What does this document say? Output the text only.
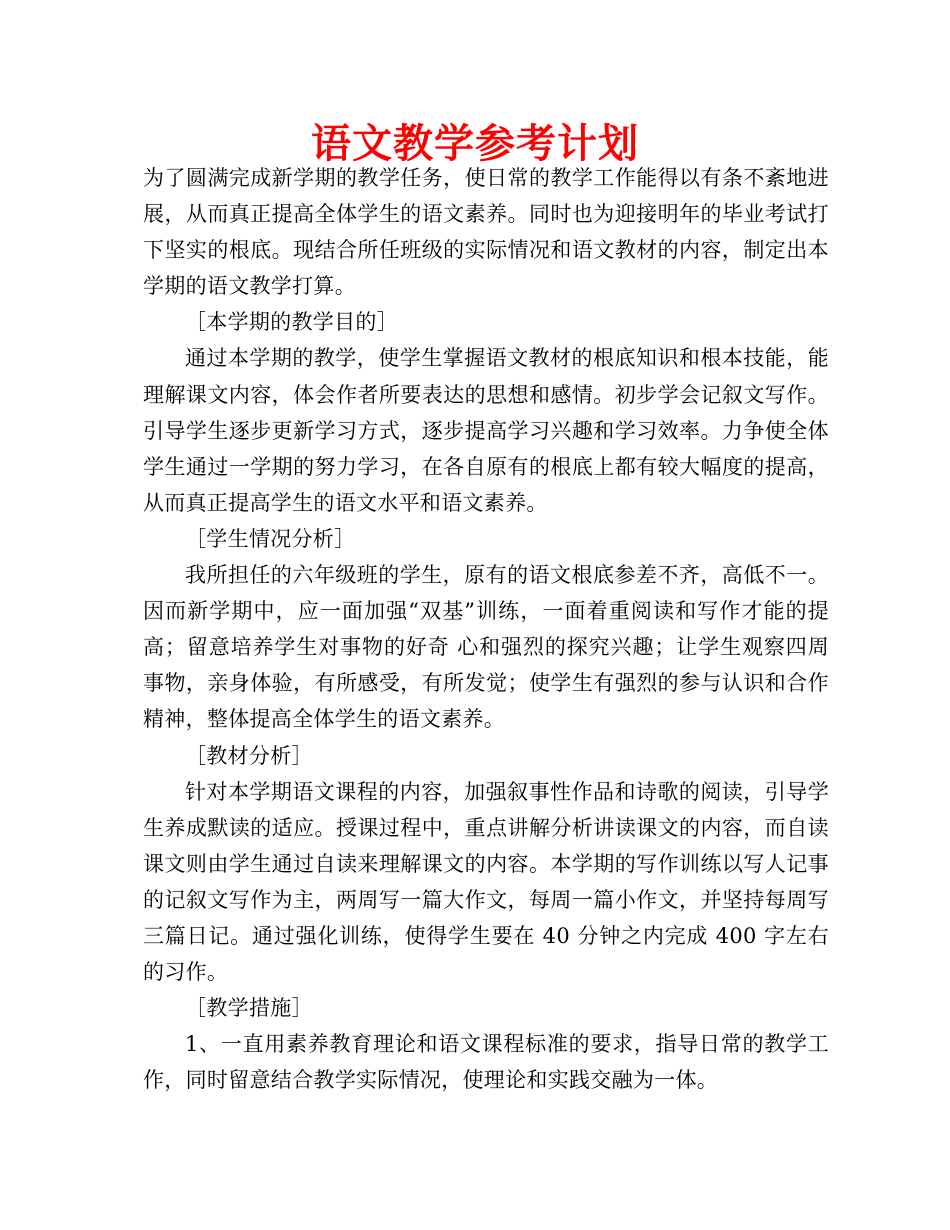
语文教学参考计划

为了圆满完成新学期的教学任务，使日常的教学工作能得以有条不紊地进展，从而真正提高全体学生的语文素养。同时也为迎接明年的毕业考试打下坚实的根底。现结合所任班级的实际情况和语文教材的内容，制定出本学期的语文教学打算。

［本学期的教学目的］

通过本学期的教学，使学生掌握语文教材的根底知识和根本技能，能理解课文内容，体会作者所要表达的思想和感情。初步学会记叙文写作。引导学生逐步更新学习方式，逐步提高学习兴趣和学习效率。力争使全体学生通过一学期的努力学习，在各自原有的根底上都有较大幅度的提高，从而真正提高学生的语文水平和语文素养。

［学生情况分析］

我所担任的六年级班的学生，原有的语文根底参差不齐，高低不一。因而新学期中，应一面加强“双基”训练，一面着重阅读和写作才能的提高；留意培养学生对事物的好奇 心和强烈的探究兴趣；让学生观察四周事物，亲身体验，有所感受，有所发觉；使学生有强烈的参与认识和合作精神，整体提高全体学生的语文素养。

［教材分析］

针对本学期语文课程的内容，加强叙事性作品和诗歌的阅读，引导学生养成默读的适应。授课过程中，重点讲解分析讲读课文的内容，而自读课文则由学生通过自读来理解课文的内容。本学期的写作训练以写人记事的记叙文写作为主，两周写一篇大作文，每周一篇小作文，并坚持每周写三篇日记。通过强化训练，使得学生要在 40 分钟之内完成 400 字左右的习作。

［教学措施］

1、一直用素养教育理论和语文课程标准的要求，指导日常的教学工作，同时留意结合教学实际情况，使理论和实践交融为一体。
